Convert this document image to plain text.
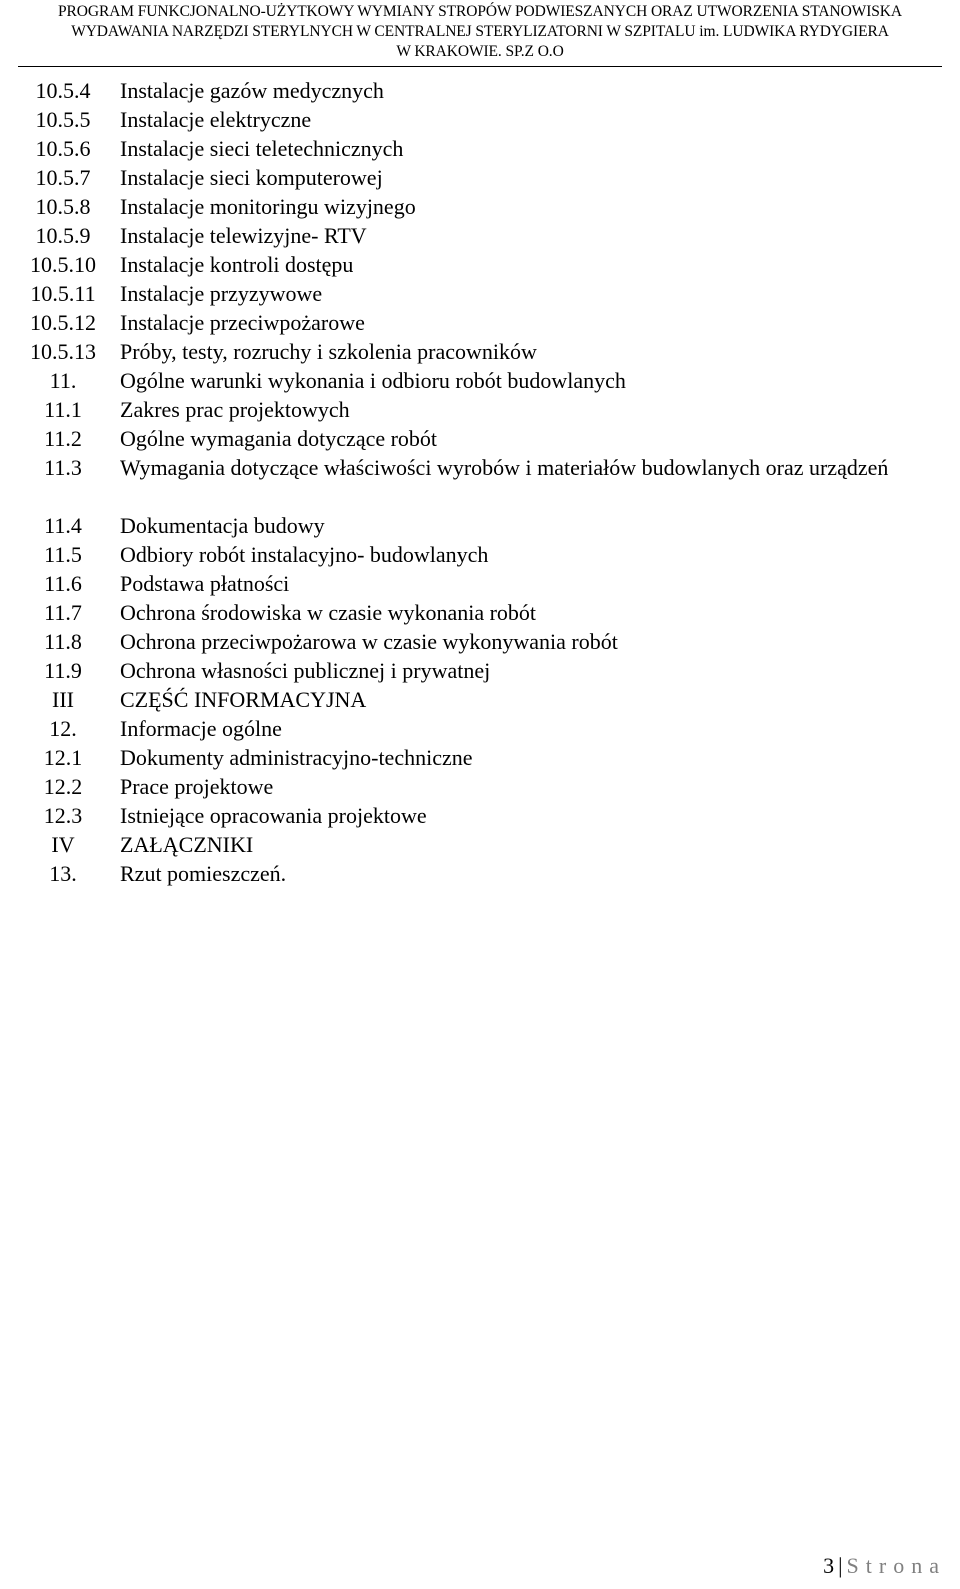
PROGRAM FUNKCJONALNO-UŻYTKOWY WYMIANY STROPÓW PODWIESZANYCH ORAZ UTWORZENIA STANOWISKA
WYDAWANIA NARZĘDZI STERYLNYCH W CENTRALNEJ STERYLIZATORNI W SZPITALU im. LUDWIKA RYDYGIERA
W KRAKOWIE. SP.Z O.O
10.5.4	Instalacje gazów medycznych
10.5.5	Instalacje elektryczne
10.5.6	Instalacje sieci teletechnicznych
10.5.7	Instalacje sieci komputerowej
10.5.8	Instalacje monitoringu wizyjnego
10.5.9	Instalacje telewizyjne- RTV
10.5.10	Instalacje kontroli dostępu
10.5.11	Instalacje przyzywowe
10.5.12	Instalacje przeciwpożarowe
10.5.13	Próby, testy, rozruchy i szkolenia pracowników
11.	Ogólne warunki wykonania i odbioru robót budowlanych
11.1	Zakres prac projektowych
11.2	Ogólne wymagania dotyczące robót
11.3	Wymagania dotyczące właściwości wyrobów i materiałów budowlanych oraz urządzeń
11.4	Dokumentacja budowy
11.5	Odbiory robót instalacyjno- budowlanych
11.6	Podstawa płatności
11.7	Ochrona środowiska w czasie wykonania robót
11.8	Ochrona przeciwpożarowa w czasie wykonywania robót
11.9	Ochrona własności publicznej i prywatnej
III	CZĘŚĆ INFORMACYJNA
12.	Informacje ogólne
12.1	Dokumenty administracyjno-techniczne
12.2	Prace projektowe
12.3	Istniejące opracowania projektowe
IV	ZAŁĄCZNIKI
13.	Rzut pomieszczeń.
3 | Strona
